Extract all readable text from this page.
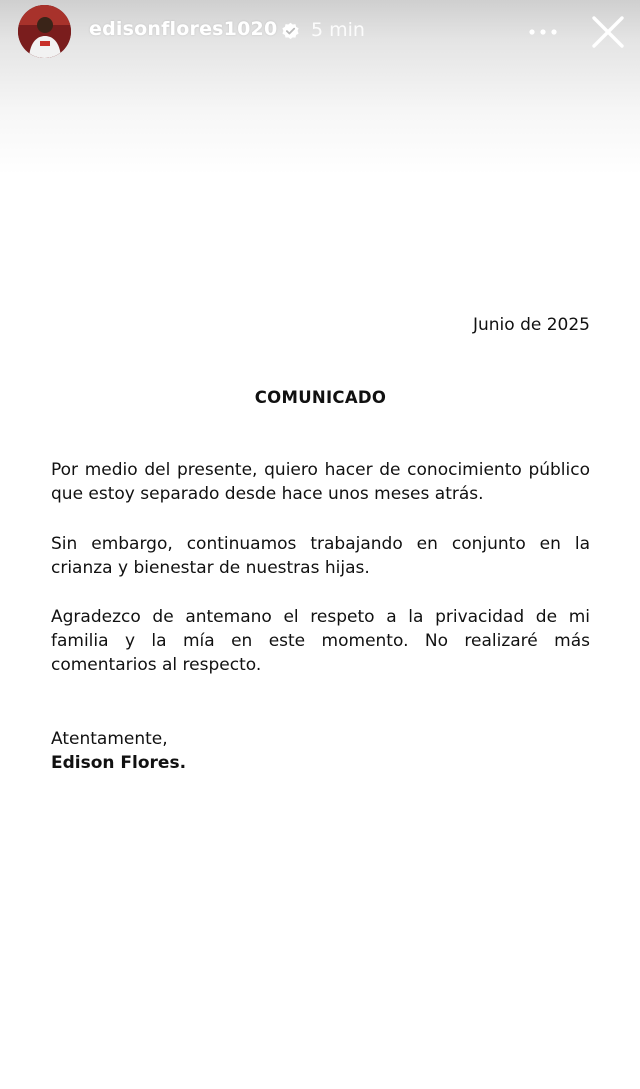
edisonflores1020 5 min
Junio de 2025
COMUNICADO

Por medio del presente, quiero hacer de conocimiento público que estoy separado desde hace unos meses atrás.

Sin embargo, continuamos trabajando en conjunto en la crianza y bienestar de nuestras hijas.

Agradezco de antemano el respeto a la privacidad de mi familia y la mía en este momento. No realizaré más comentarios al respecto.

Atentamente,
Edison Flores.
